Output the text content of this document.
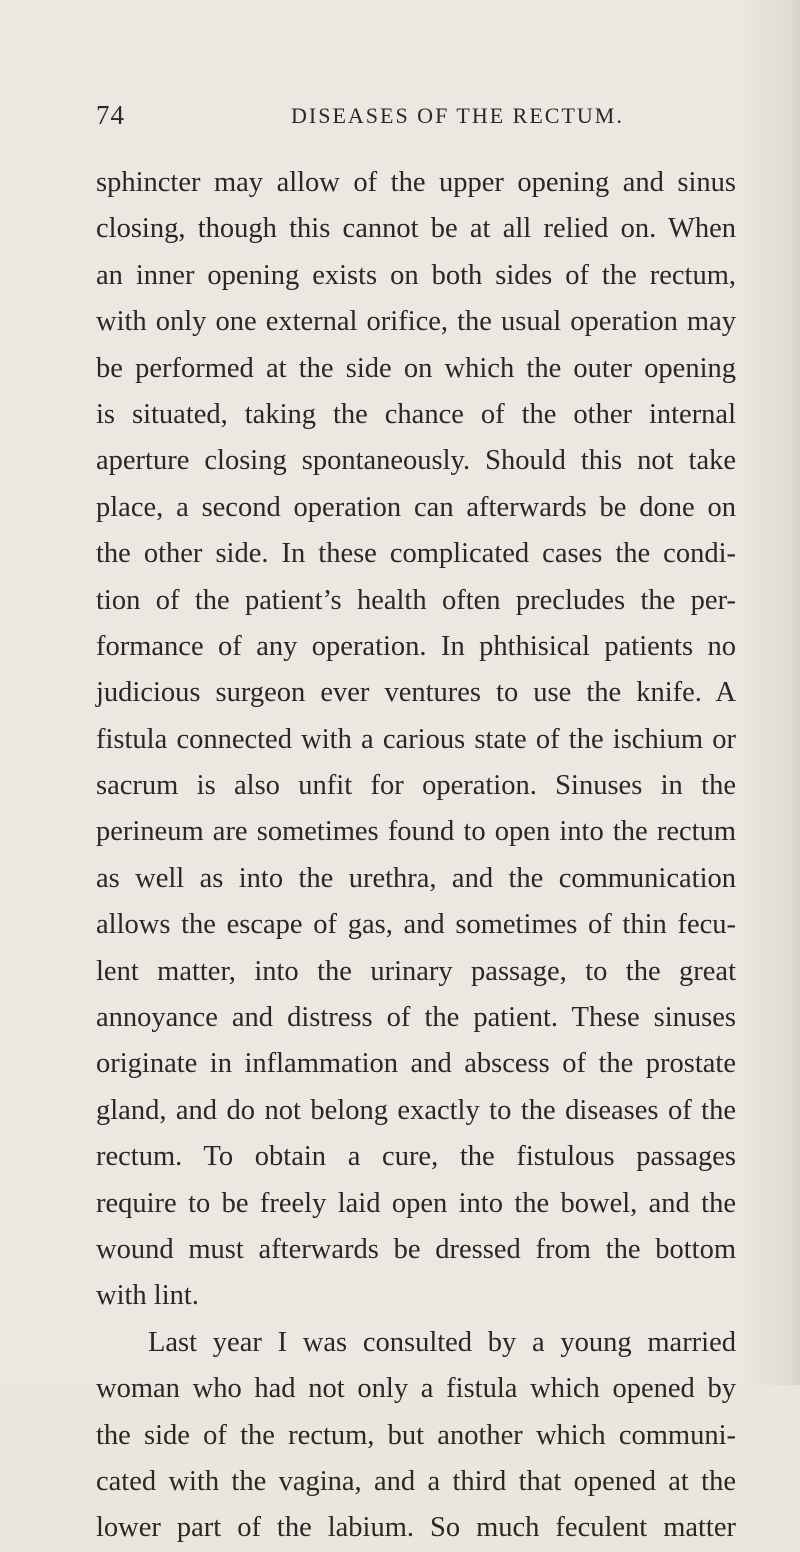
74	DISEASES OF THE RECTUM.
sphincter may allow of the upper opening and sinus
closing, though this cannot be at all relied on. When
an inner opening exists on both sides of the rectum,
with only one external orifice, the usual operation may
be performed at the side on which the outer opening
is situated, taking the chance of the other internal
aperture closing spontaneously. Should this not take
place, a second operation can afterwards be done on
the other side. In these complicated cases the condi-
tion of the patient’s health often precludes the per-
formance of any operation. In phthisical patients no
judicious surgeon ever ventures to use the knife. A
fistula connected with a carious state of the ischium or
sacrum is also unfit for operation. Sinuses in the
perineum are sometimes found to open into the rectum
as well as into the urethra, and the communication
allows the escape of gas, and sometimes of thin fecu-
lent matter, into the urinary passage, to the great
annoyance and distress of the patient. These sinuses
originate in inflammation and abscess of the prostate
gland, and do not belong exactly to the diseases of the
rectum. To obtain a cure, the fistulous passages
require to be freely laid open into the bowel, and the
wound must afterwards be dressed from the bottom
with lint.
Last year I was consulted by a young married
woman who had not only a fistula which opened by
the side of the rectum, but another which communi-
cated with the vagina, and a third that opened at the
lower part of the labium. So much feculent matter
